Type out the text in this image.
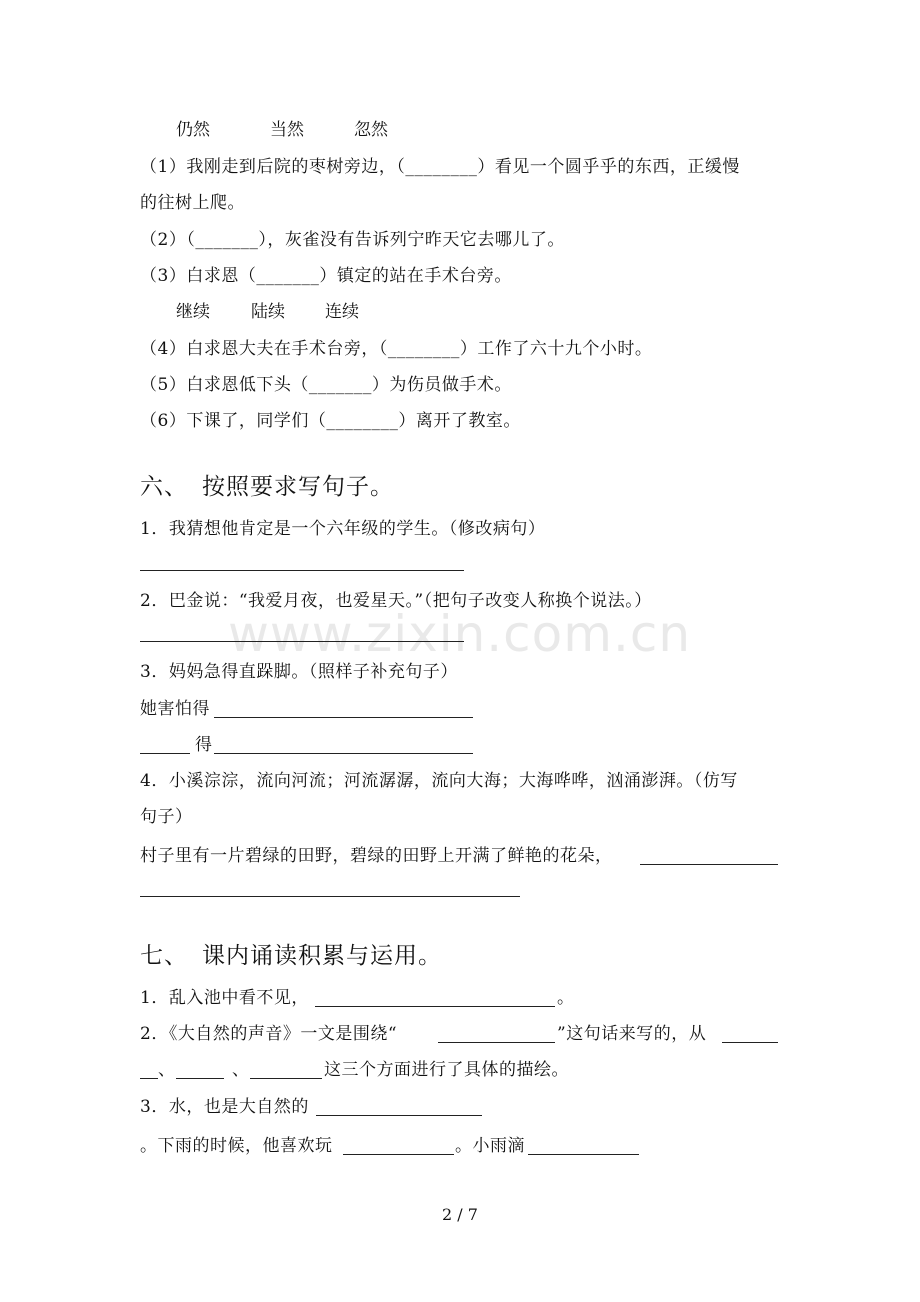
www.zixin.com.cn
仍然	当然	忽然
（1）我刚走到后院的枣树旁边，（________）看见一个圆乎乎的东西，正缓慢
的往树上爬。
（2）（_______），灰雀没有告诉列宁昨天它去哪儿了。
（3）白求恩（_______）镇定的站在手术台旁。
继续 陆续 连续
（4）白求恩大夫在手术台旁，（________）工作了六十九个小时。
（5）白求恩低下头（_______）为伤员做手术。
（6）下课了，同学们（________）离开了教室。
六、 按照要求写句子。
1．我猜想他肯定是一个六年级的学生。（修改病句）
2．巴金说：“我爱月夜，也爱星天。”（把句子改变人称换个说法。）
3．妈妈急得直跺脚。（照样子补充句子）
她害怕得
得
4．小溪淙淙，流向河流；河流潺潺，流向大海；大海哗哗，汹涌澎湃。（仿写
句子）
村子里有一片碧绿的田野，碧绿的田野上开满了鲜艳的花朵，
七、 课内诵读积累与运用。
1．乱入池中看不见，	。
2．《大自然的声音》一文是围绕“	”这句话来写的，从
、	、	这三个方面进行了具体的描绘。
3．水，也是大自然的
。下雨的时候，他喜欢玩	。小雨滴
2 / 7
